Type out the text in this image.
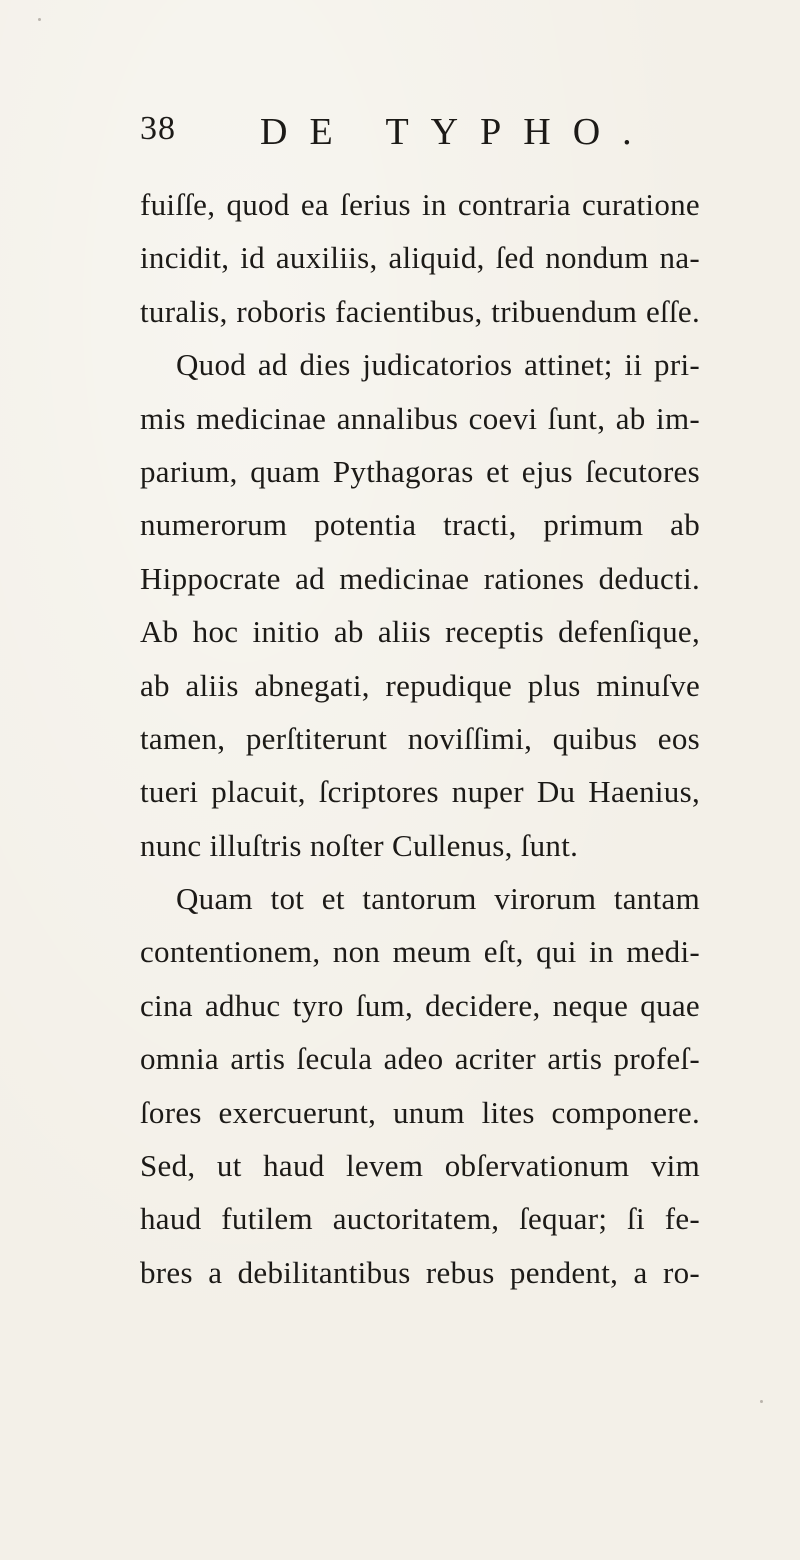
38 DE TYPHO.
fuiſſe, quod ea ſerius in contraria curatione
incidit, id auxiliis, aliquid, ſed nondum na-
turalis, roboris facientibus, tribuendum eſſe.
Quod ad dies judicatorios attinet; ii pri-
mis medicinae annalibus coevi ſunt, ab im-
parium, quam Pythagoras et ejus ſecutores
numerorum potentia tracti, primum ab
Hippocrate ad medicinae rationes deducti.
Ab hoc initio ab aliis receptis defenſique,
ab aliis abnegati, repudique plus minuſve
tamen, perſtiterunt noviſſimi, quibus eos
tueri placuit, ſcriptores nuper Du Haenius,
nunc illuſtris noſter Cullenus, ſunt.
Quam tot et tantorum virorum tantam
contentionem, non meum eſt, qui in medi-
cina adhuc tyro ſum, decidere, neque quae
omnia artis ſecula adeo acriter artis profeſ-
ſores exercuerunt, unum lites componere.
Sed, ut haud levem obſervationum vim
haud futilem auctoritatem, ſequar; ſi fe-
bres a debilitantibus rebus pendent, a ro-
